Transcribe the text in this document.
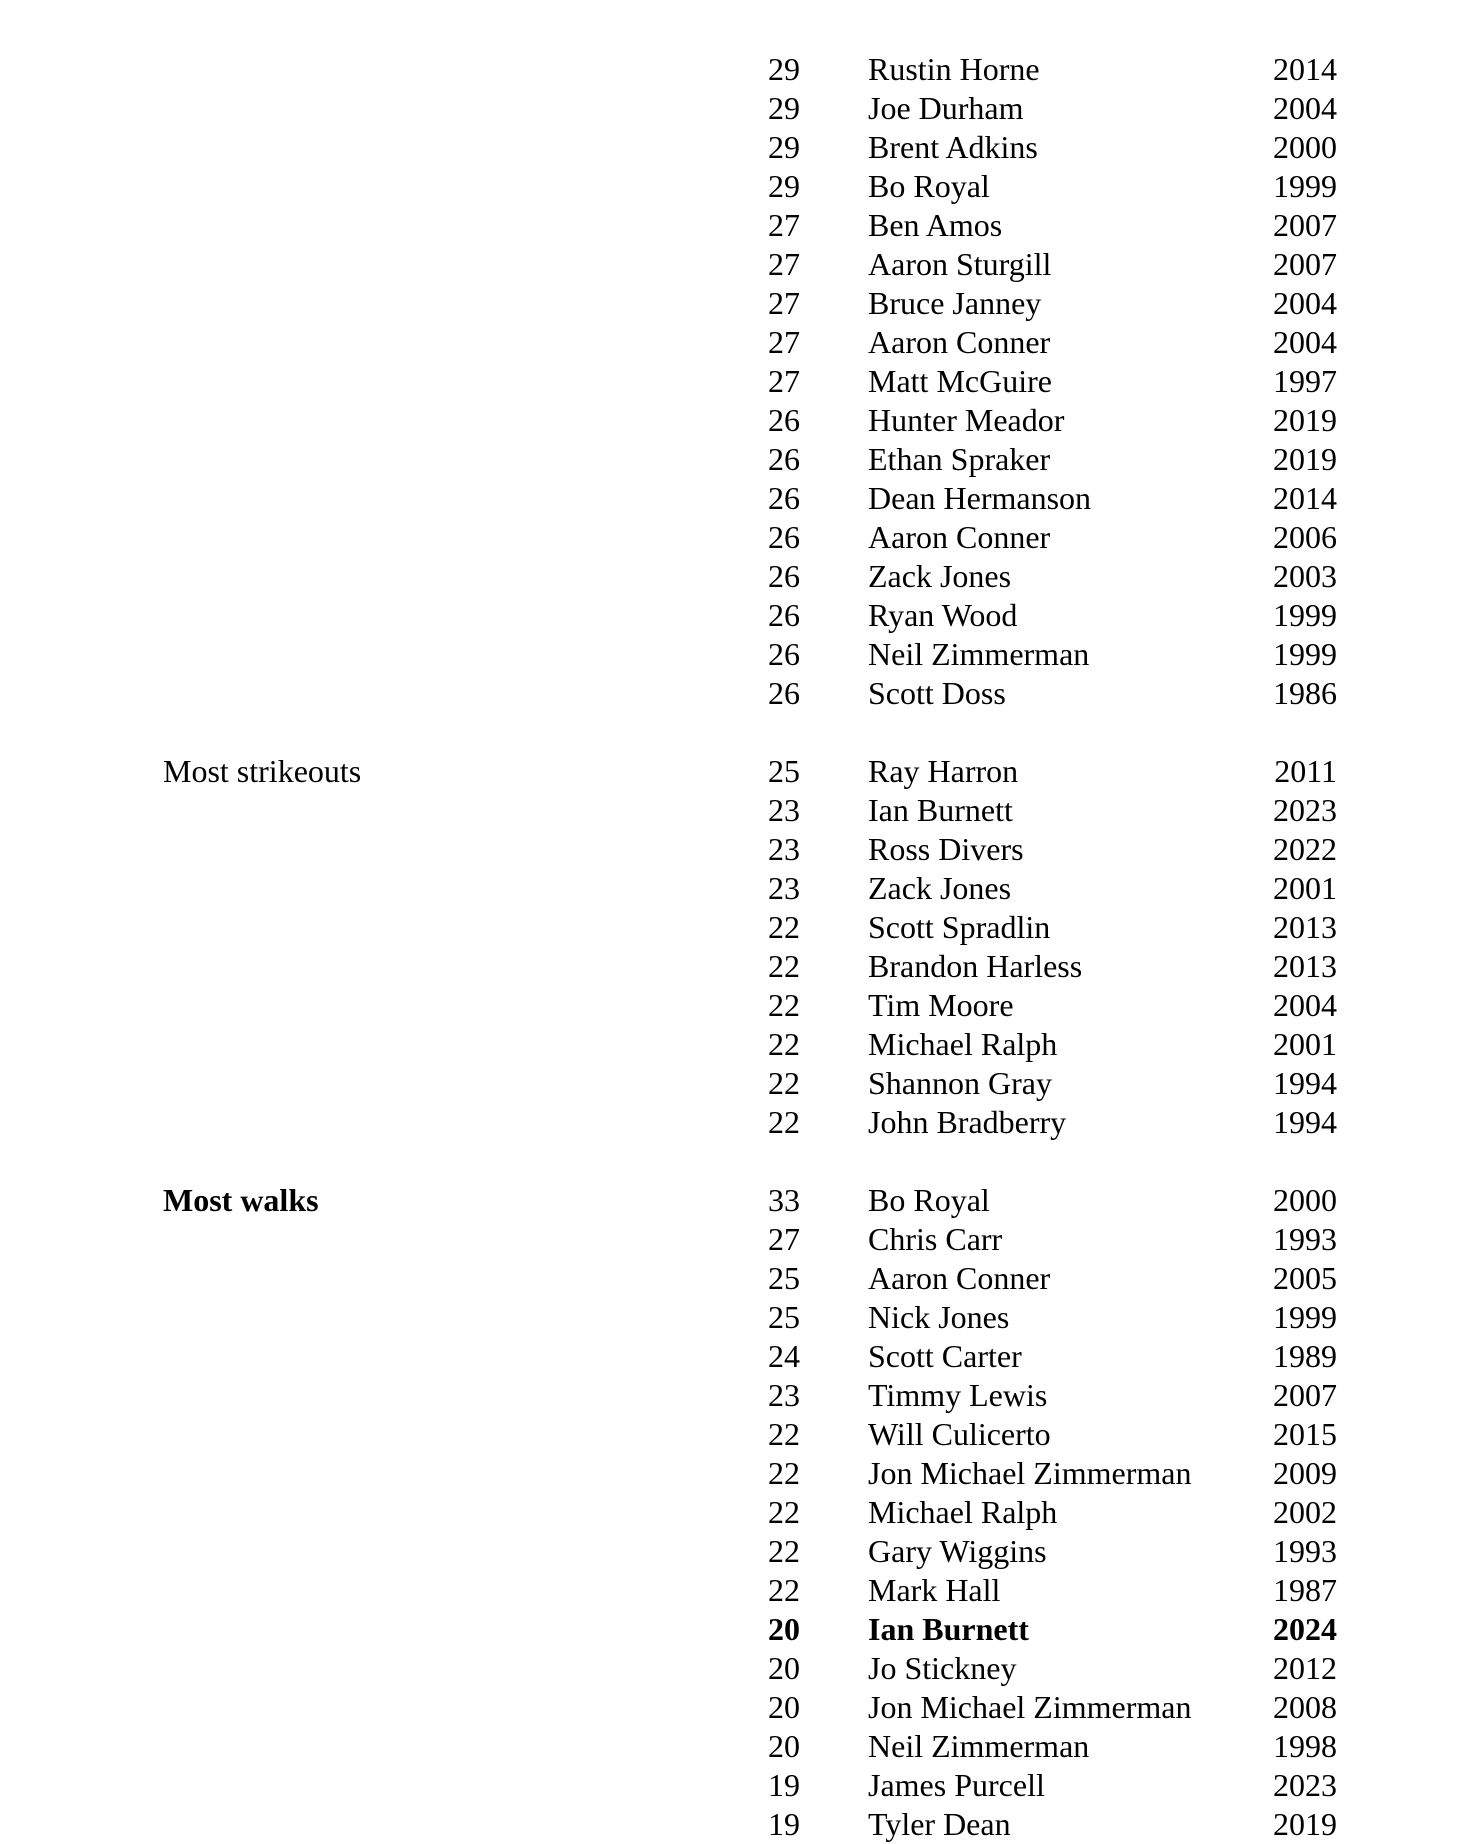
29 Rustin Horne	2014
29 Joe Durham	2004
29 Brent Adkins	2000
29 Bo Royal	1999
27 Ben Amos	2007
27 Aaron Sturgill	2007
27 Bruce Janney	2004
27 Aaron Conner	2004
27 Matt McGuire	1997
26 Hunter Meador	2019
26 Ethan Spraker	2019
26 Dean Hermanson	2014
26 Aaron Conner	2006
26 Zack Jones	2003
26 Ryan Wood	1999
26 Neil Zimmerman	1999
26 Scott Doss	1986
Most strikeouts	25 Ray Harron	2011
23 Ian Burnett	2023
23 Ross Divers	2022
23 Zack Jones	2001
22 Scott Spradlin	2013
22 Brandon Harless	2013
22 Tim Moore	2004
22 Michael Ralph	2001
22 Shannon Gray	1994
22 John Bradberry	1994
Most walks	33 Bo Royal	2000
27 Chris Carr	1993
25 Aaron Conner	2005
25 Nick Jones	1999
24 Scott Carter	1989
23 Timmy Lewis	2007
22 Will Culicerto	2015
22 Jon Michael Zimmerman	2009
22 Michael Ralph	2002
22 Gary Wiggins	1993
22 Mark Hall	1987
20 Ian Burnett	2024
20 Jo Stickney	2012
20 Jon Michael Zimmerman	2008
20 Neil Zimmerman	1998
19 James Purcell	2023
19 Tyler Dean	2019
